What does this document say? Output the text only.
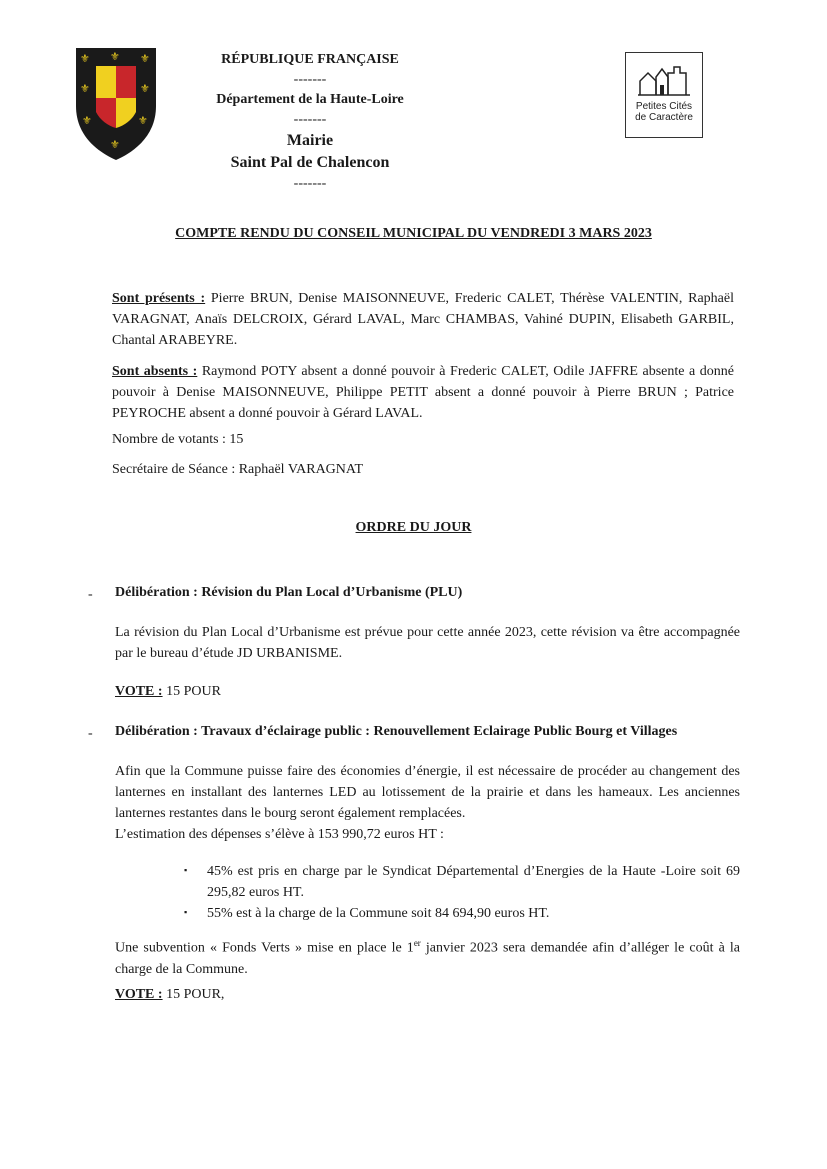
⚜ ⚜ ⚜
⚜	⚜
⚜	⚜
⚜
RÉPUBLIQUE FRANÇAISE
-------
Département de la Haute-Loire
-------
Mairie
Saint Pal de Chalencon
-------
Petites Cités
de Caractère
COMPTE RENDU DU CONSEIL MUNICIPAL DU VENDREDI 3 MARS 2023
Sont présents : Pierre BRUN, Denise MAISONNEUVE, Frederic CALET, Thérèse VALENTIN, Raphaël VARAGNAT, Anaïs DELCROIX, Gérard LAVAL, Marc CHAMBAS, Vahiné DUPIN, Elisabeth GARBIL, Chantal ARABEYRE.
Sont absents : Raymond POTY absent a donné pouvoir à Frederic CALET, Odile JAFFRE absente a donné pouvoir à Denise MAISONNEUVE, Philippe PETIT absent a donné pouvoir à Pierre BRUN ; Patrice PEYROCHE absent a donné pouvoir à Gérard LAVAL.
Nombre de votants : 15
Secrétaire de Séance : Raphaël VARAGNAT
ORDRE DU JOUR
- Délibération : Révision du Plan Local d’Urbanisme (PLU)
La révision du Plan Local d’Urbanisme est prévue pour cette année 2023, cette révision va être accompagnée par le bureau d’étude JD URBANISME.
VOTE : 15 POUR
- Délibération : Travaux d’éclairage public : Renouvellement Eclairage Public Bourg et Villages
Afin que la Commune puisse faire des économies d’énergie, il est nécessaire de procéder au changement des lanternes en installant des lanternes LED au lotissement de la prairie et dans les hameaux. Les anciennes lanternes restantes dans le bourg seront également remplacées.
L’estimation des dépenses s’élève à 153 990,72 euros HT :
▪ 45% est pris en charge par le Syndicat Départemental d’Energies de la Haute -Loire soit 69 295,82 euros HT.
▪ 55% est à la charge de la Commune soit 84 694,90 euros HT.
Une subvention « Fonds Verts » mise en place le 1er janvier 2023 sera demandée afin d’alléger le coût à la charge de la Commune.
VOTE : 15 POUR,
